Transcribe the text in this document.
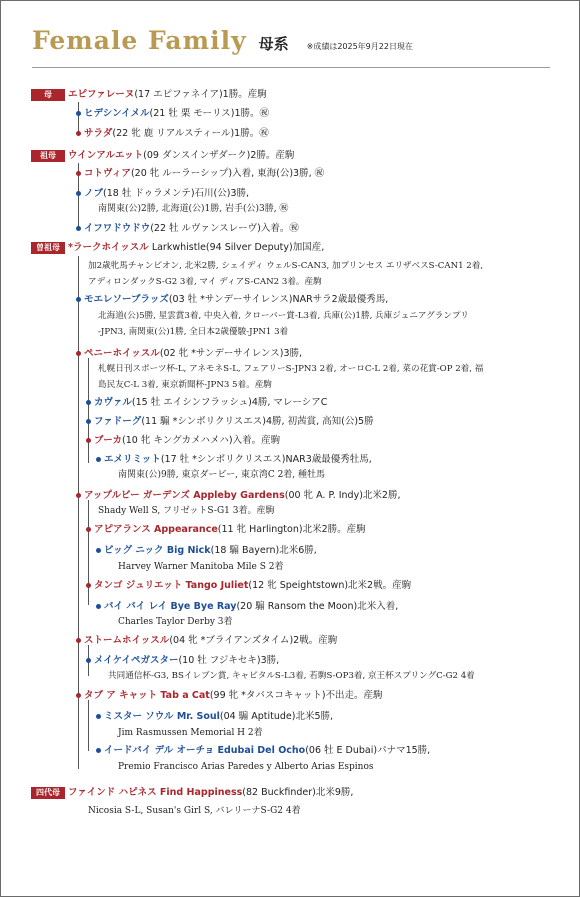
Female Family 母系 ※成績は2025年9月22日現在
母
祖母
曽祖母
四代母
エピファレーヌ(17 エピファネイア)1勝。産駒
ヒデシンイメル(21 牡 栗 モーリス)1勝。㊗
サラダ(22 牝 鹿 リアルスティール)1勝。㊗
ウインアルエット(09 ダンスインザダーク)2勝。産駒
コトヴィア(20 牝 ルーラーシップ)入着, 東海(公)3勝, ㊗
ノブ(18 牡 ドゥラメンテ)石川(公)3勝,
南関東(公)2勝, 北海道(公)1勝, 岩手(公)3勝, ㊗
イフワドウドウ(22 牡 ルヴァンスレーヴ)入着。㊗
*ラークホイッスル Larkwhistle(94 Silver Deputy)加国産,
加2歳牝馬チャンピオン, 北米2勝, シェイディ ウェルS-CAN3, 加プリンセス エリザベスS-CAN1 2着,
アディロンダックS-G2 3着, マイ ディアS-CAN2 3着。産駒
モエレソーブラッズ(03 牡 *サンデーサイレンス)NARサラ2歳最優秀馬,
北海道(公)5勝, 星雲賞3着, 中央入着, クローバー賞-L3着, 兵庫(公)1勝, 兵庫ジュニアグランプリ
-JPN3, 南関東(公)1勝, 全日本2歳優駿-JPN1 3着
ペニーホイッスル(02 牝 *サンデーサイレンス)3勝,
札幌日刊スポーツ杯-L, アネモネS-L, フェアリーS-JPN3 2着, オーロC-L 2着, 菜の花賞-OP 2着, 福
島民友C-L 3着, 東京新聞杯-JPN3 5着。産駒
カヴァル(15 牡 エイシンフラッシュ)4勝, マレーシアC
ファドーグ(11 騸 *シンボリクリスエス)4勝, 初茜賞, 高知(公)5勝
ブーカ(10 牝 キングカメハメハ)入着。産駒
エメリミット(17 牡 *シンボリクリスエス)NAR3歳最優秀牡馬,
南関東(公)9勝, 東京ダービー, 東京湾C 2着, 種牡馬
アップルビー ガーデンズ Appleby Gardens(00 牝 A. P. Indy)北米2勝,
Shady Well S, フリゼットS-G1 3着。産駒
アピアランス Appearance(11 牝 Harlington)北米2勝。産駒
ビッグ ニック Big Nick(18 騸 Bayern)北米6勝,
Harvey Warner Manitoba Mile S 2着
タンゴ ジュリエット Tango Juliet(12 牝 Speightstown)北米2戦。産駒
バイ バイ レイ Bye Bye Ray(20 騸 Ransom the Moon)北米入着,
Charles Taylor Derby 3着
ストームホイッスル(04 牝 *ブライアンズタイム)2戦。産駒
メイケイペガスター(10 牡 フジキセキ)3勝,
共同通信杯-G3, BSイレブン賞, キャピタルS-L3着, 若駒S-OP3着, 京王杯スプリングC-G2 4着
タブ ア キャット Tab a Cat(99 牝 *タバスコキャット)不出走。産駒
ミスター ソウル Mr. Soul(04 騸 Aptitude)北米5勝,
Jim Rasmussen Memorial H 2着
イードバイ デル オーチョ Edubai Del Ocho(06 牡 E Dubai)パナマ15勝,
Premio Francisco Arias Paredes y Alberto Arias Espinos
ファインド ハピネス Find Happiness(82 Buckfinder)北米9勝,
Nicosia S-L, Susan's Girl S, バレリーナS-G2 4着
